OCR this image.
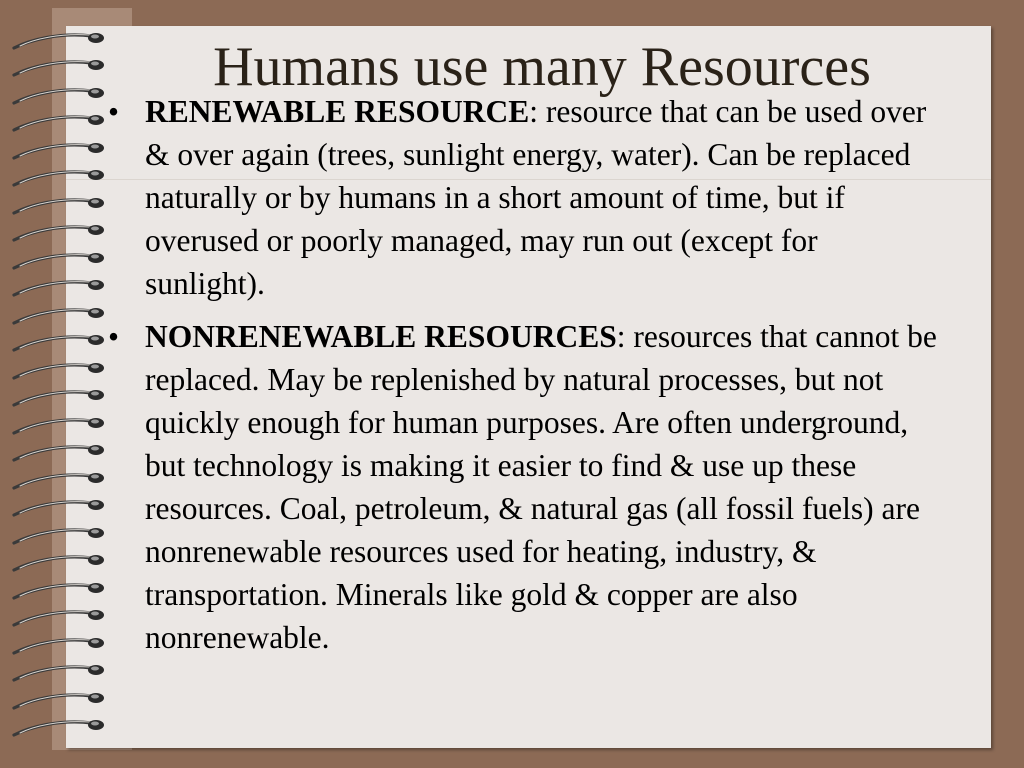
Humans use many Resources
• RENEWABLE RESOURCE: resource that can be used over & over again (trees, sunlight energy, water). Can be replaced naturally or by humans in a short amount of time, but if overused or poorly managed, may run out (except for sunlight).
• NONRENEWABLE RESOURCES: resources that cannot be replaced. May be replenished by natural processes, but not quickly enough for human purposes. Are often underground, but technology is making it easier to find & use up these resources. Coal, petroleum, & natural gas (all fossil fuels) are nonrenewable resources used for heating, industry, & transportation. Minerals like gold & copper are also nonrenewable.
